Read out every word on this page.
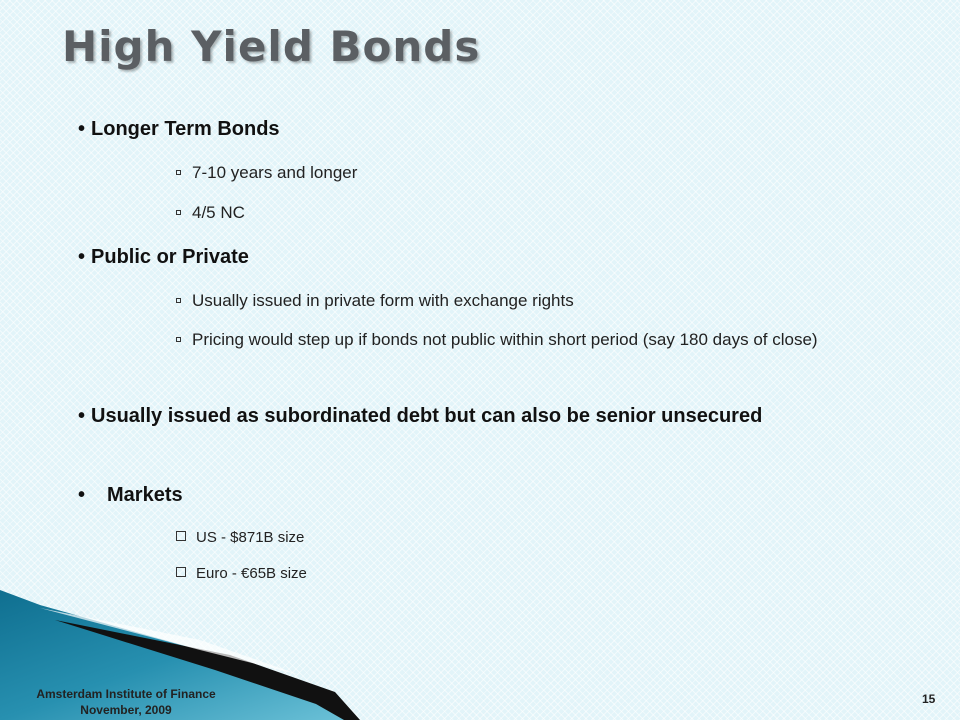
High Yield Bonds
• Longer Term Bonds
7-10 years and longer
4/5 NC
• Public or Private
Usually issued in private form with exchange rights
Pricing would step up if bonds not public within short period (say 180 days of close)
• Usually issued as subordinated debt but can also be senior unsecured
• Markets
US - $871B size
Euro - €65B size
Amsterdam Institute of Finance
November, 2009
15
